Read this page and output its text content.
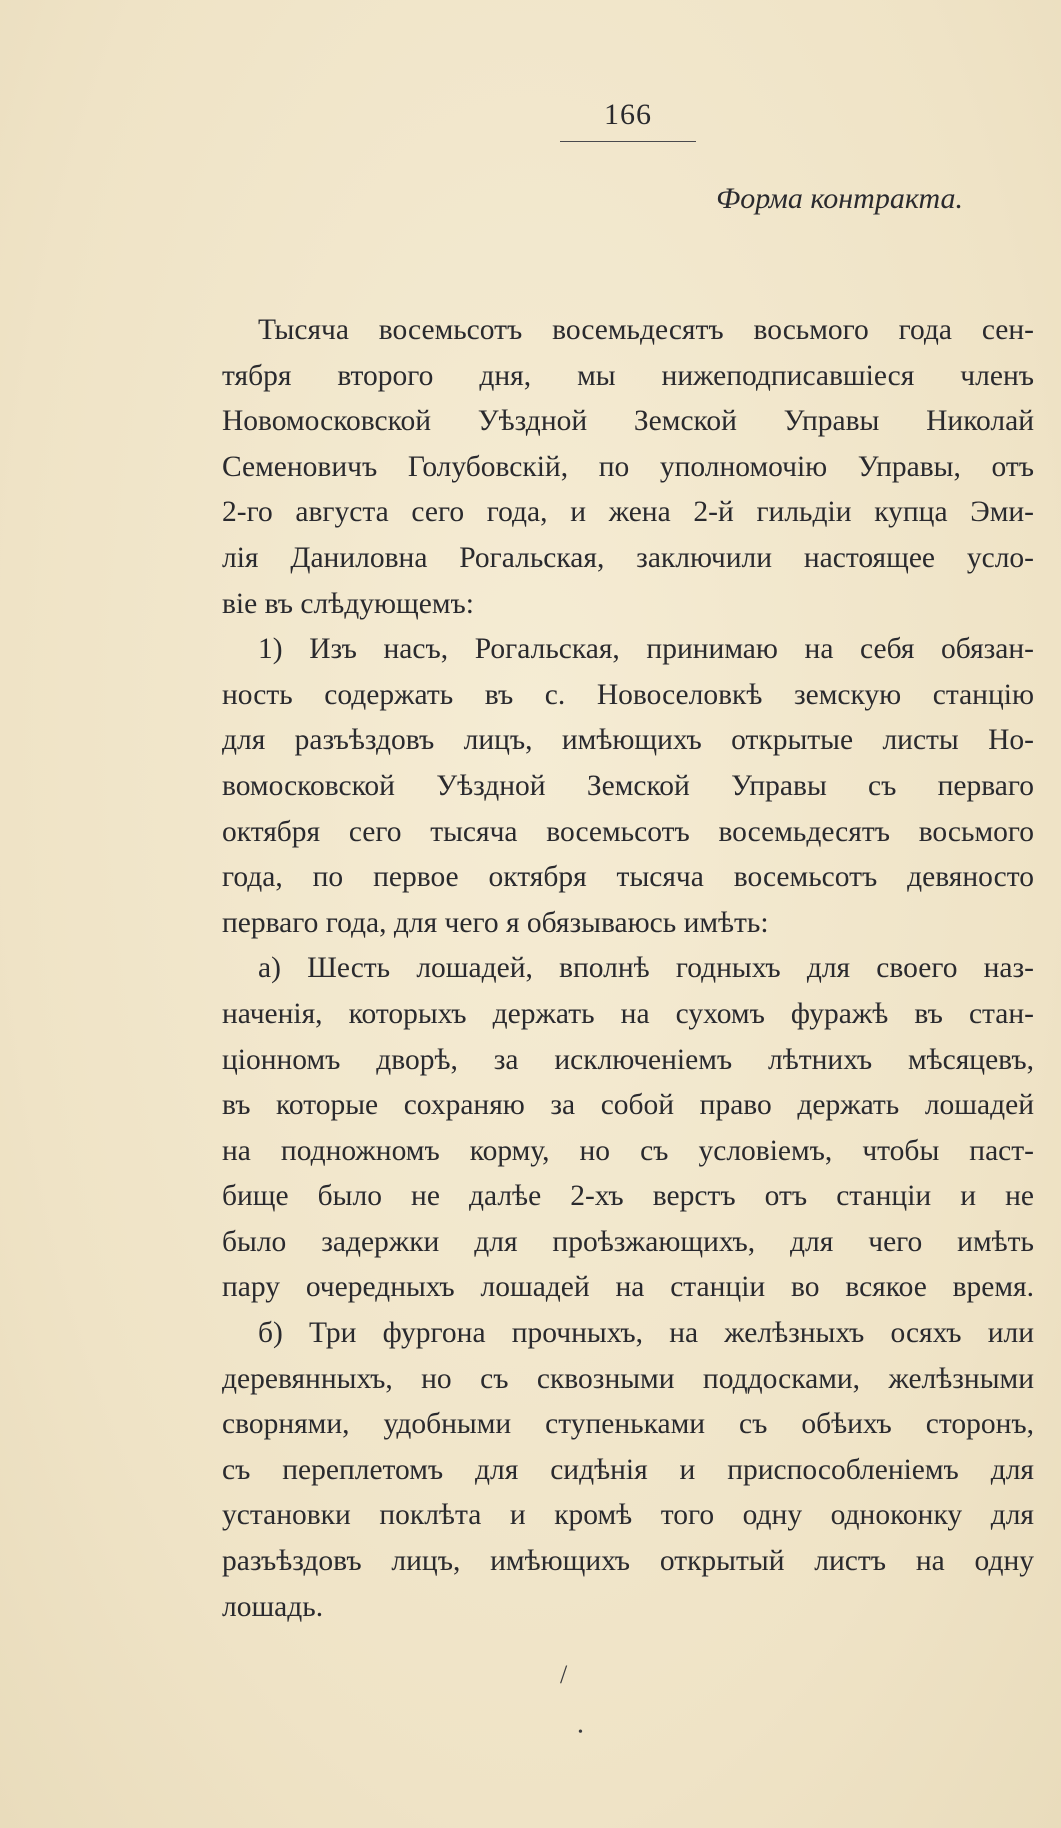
166
Форма контракта.
Тысяча восемьсотъ восемьдесятъ восьмого года сен-
тября второго дня, мы нижеподписавшіеся членъ
Новомосковской Уѣздной Земской Управы Николай
Семеновичъ Голубовскій, по уполномочію Управы, отъ
2-го августа сего года, и жена 2-й гильдіи купца Эми-
лія Даниловна Рогальская, заключили настоящее усло-
віе въ слѣдующемъ:
1) Изъ насъ, Рогальская, принимаю на себя обязан-
ность содержать въ с. Новоселовкѣ земскую станцію
для разъѣздовъ лицъ, имѣющихъ открытые листы Но-
вомосковской Уѣздной Земской Управы съ перваго
октября сего тысяча восемьсотъ восемьдесятъ восьмого
года, по первое октября тысяча восемьсотъ девяносто
перваго года, для чего я обязываюсь имѣть:
а) Шесть лошадей, вполнѣ годныхъ для своего наз-
наченія, которыхъ держать на сухомъ фуражѣ въ стан-
ціонномъ дворѣ, за исключеніемъ лѣтнихъ мѣсяцевъ,
въ которые сохраняю за собой право держать лошадей
на подножномъ корму, но съ условіемъ, чтобы паст-
бище было не далѣе 2-хъ верстъ отъ станціи и не
было задержки для проѣзжающихъ, для чего имѣть
пару очередныхъ лошадей на станціи во всякое время.
б) Три фургона прочныхъ, на желѣзныхъ осяхъ или
деревянныхъ, но съ сквозными поддосками, желѣзными
сворнями, удобными ступеньками съ обѣихъ сторонъ,
съ переплетомъ для сидѣнія и приспособленіемъ для
установки поклѣта и кромѣ того одну одноконку для
разъѣздовъ лицъ, имѣющихъ открытый листъ на одну
лошадь.
/
•
